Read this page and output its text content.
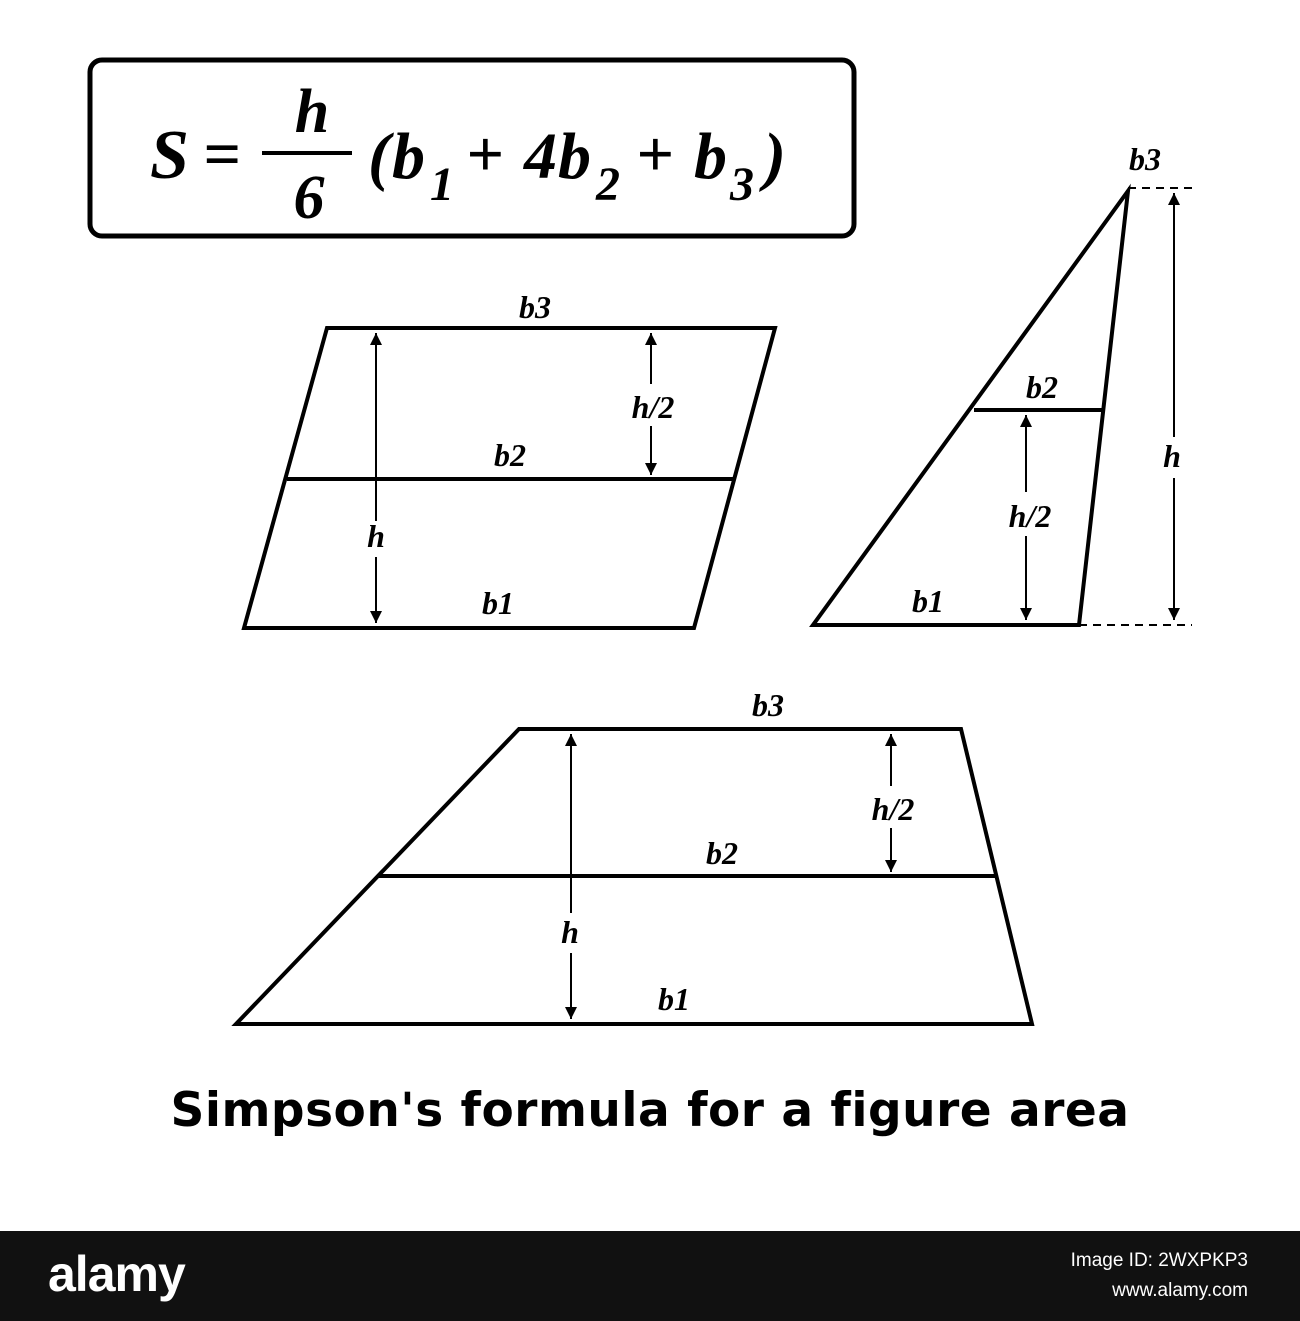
S =
h
6
( b 1 + 4 b 2 + b 3 )
b3
b2
b1
h
h/2
b3
b2
b1
h
h/2
b3
b2
b1
h
h/2
Simpson's formula for a figure area
alamy	Image ID: 2WXPKP3
www.alamy.com
